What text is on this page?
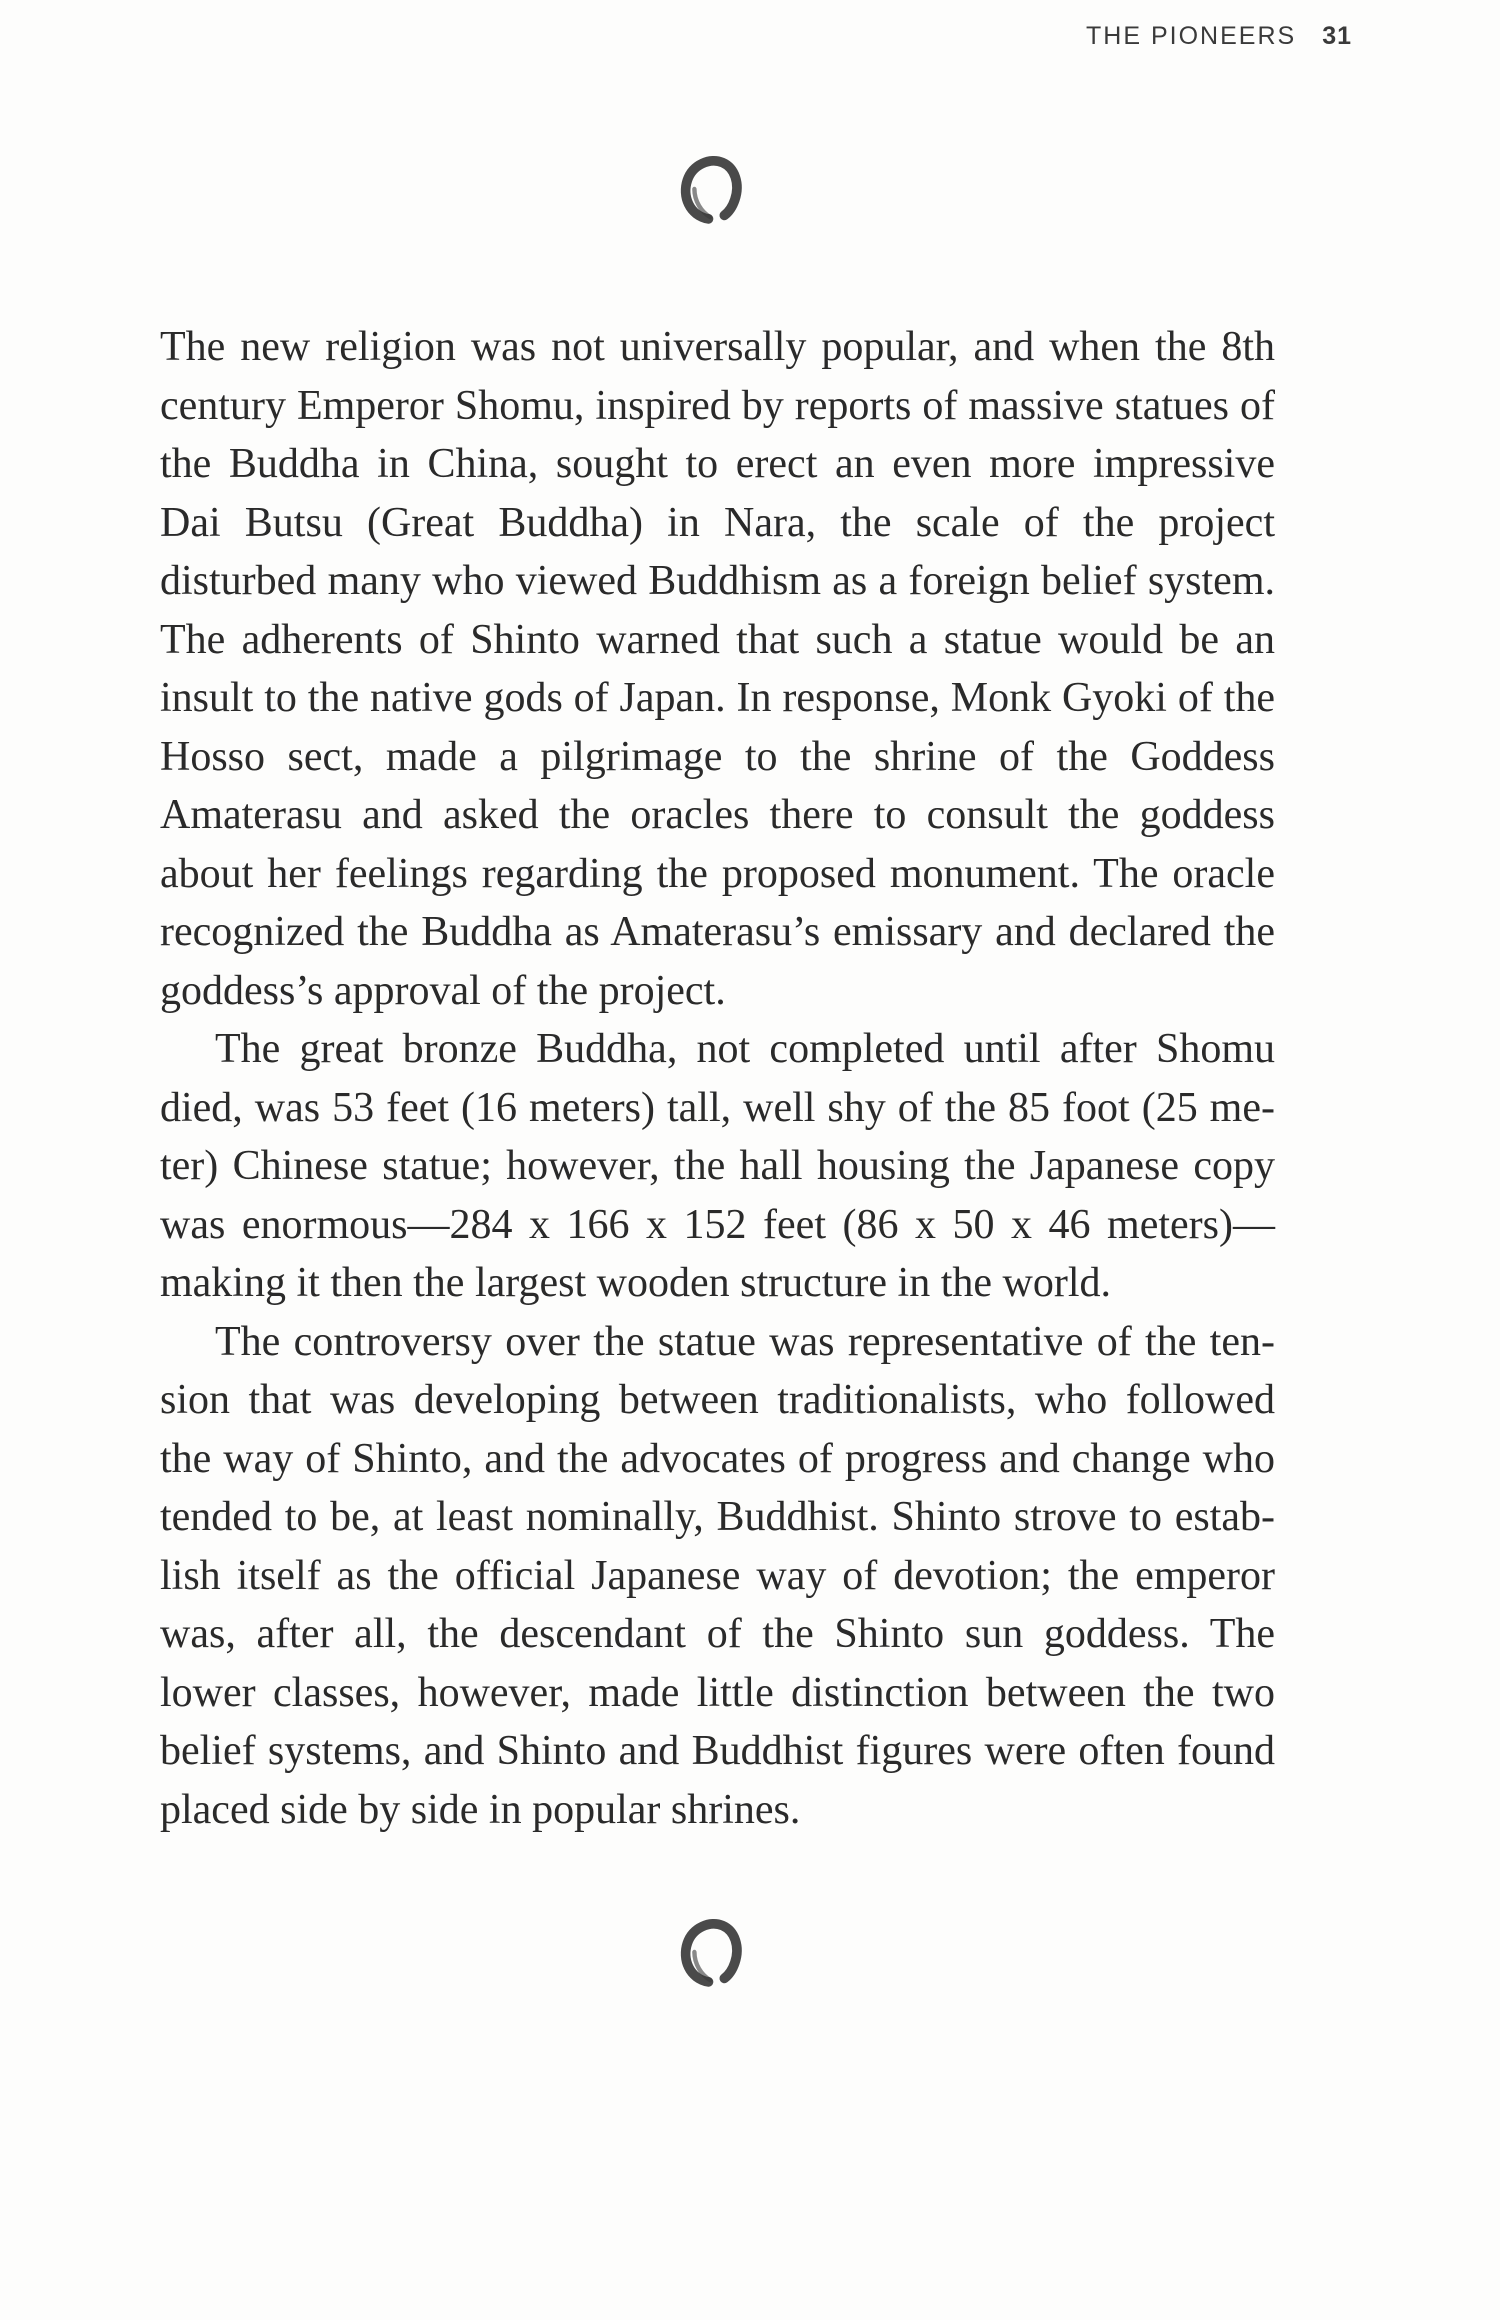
THE PIONEERS 31

The new religion was not universally popular, and when the 8th century Emperor Shomu, inspired by reports of massive statues of the Buddha in China, sought to erect an even more impressive Dai Butsu (Great Buddha) in Nara, the scale of the project disturbed many who viewed Buddhism as a foreign belief system. The adherents of Shinto warned that such a statue would be an insult to the native gods of Japan. In response, Monk Gyoki of the Hosso sect, made a pilgrimage to the shrine of the Goddess Amaterasu and asked the oracles there to consult the goddess about her feelings regarding the proposed monument. The oracle recognized the Buddha as Amaterasu’s emissary and declared the goddess’s approval of the project.

The great bronze Buddha, not completed until after Shomu died, was 53 feet (16 meters) tall, well shy of the 85 foot (25 meter) Chinese statue; however, the hall housing the Japanese copy was enormous—284 x 166 x 152 feet (86 x 50 x 46 meters)— making it then the largest wooden structure in the world.

The controversy over the statue was representative of the tension that was developing between traditionalists, who followed the way of Shinto, and the advocates of progress and change who tended to be, at least nominally, Buddhist. Shinto strove to establish itself as the official Japanese way of devotion; the emperor was, after all, the descendant of the Shinto sun goddess. The lower classes, however, made little distinction between the two belief systems, and Shinto and Buddhist figures were often found placed side by side in popular shrines.
